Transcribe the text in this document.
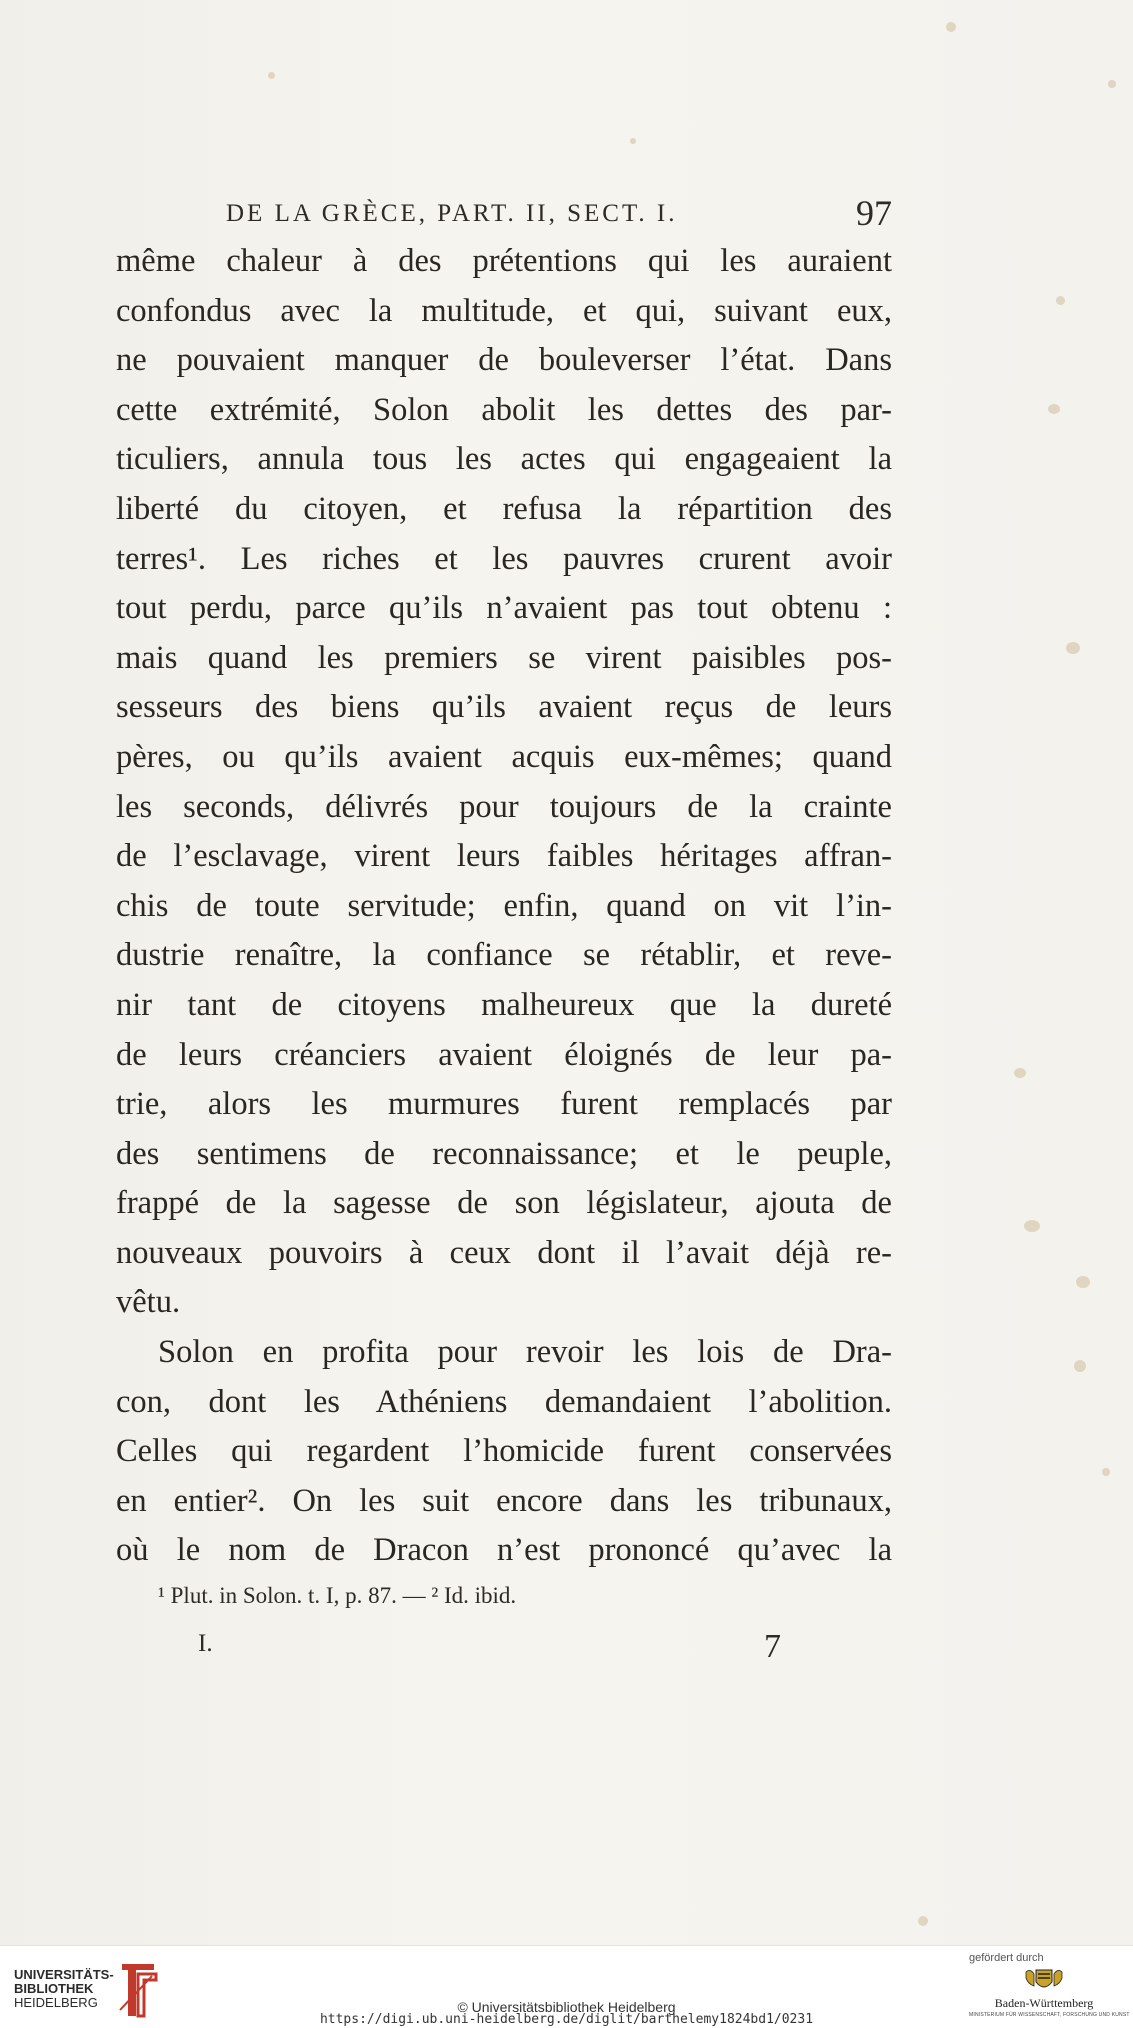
DE LA GRÈCE, PART. II, SECT. I.	97
même chaleur à des prétentions qui les auraient
confondus avec la multitude, et qui, suivant eux,
ne pouvaient manquer de bouleverser l’état. Dans
cette extrémité, Solon abolit les dettes des par-
ticuliers, annula tous les actes qui engageaient la
liberté du citoyen, et refusa la répartition des
terres¹. Les riches et les pauvres crurent avoir
tout perdu, parce qu’ils n’avaient pas tout obtenu :
mais quand les premiers se virent paisibles pos-
sesseurs des biens qu’ils avaient reçus de leurs
pères, ou qu’ils avaient acquis eux-mêmes; quand
les seconds, délivrés pour toujours de la crainte
de l’esclavage, virent leurs faibles héritages affran-
chis de toute servitude; enfin, quand on vit l’in-
dustrie renaître, la confiance se rétablir, et reve-
nir tant de citoyens malheureux que la dureté
de leurs créanciers avaient éloignés de leur pa-
trie, alors les murmures furent remplacés par
des sentimens de reconnaissance; et le peuple,
frappé de la sagesse de son législateur, ajouta de
nouveaux pouvoirs à ceux dont il l’avait déjà re-
vêtu.
Solon en profita pour revoir les lois de Dra-
con, dont les Athéniens demandaient l’abolition.
Celles qui regardent l’homicide furent conservées
en entier². On les suit encore dans les tribunaux,
où le nom de Dracon n’est prononcé qu’avec la
¹ Plut. in Solon. t. I, p. 87. — ² Id. ibid.
I.	7
UNIVERSITÄTS-
BIBLIOTHEK
HEIDELBERG	© Universitätsbibliothek Heidelberg
https://digi.ub.uni-heidelberg.de/diglit/barthelemy1824bd1/0231
gefördert durch
Baden-Württemberg
MINISTERIUM FÜR WISSENSCHAFT, FORSCHUNG UND KUNST
